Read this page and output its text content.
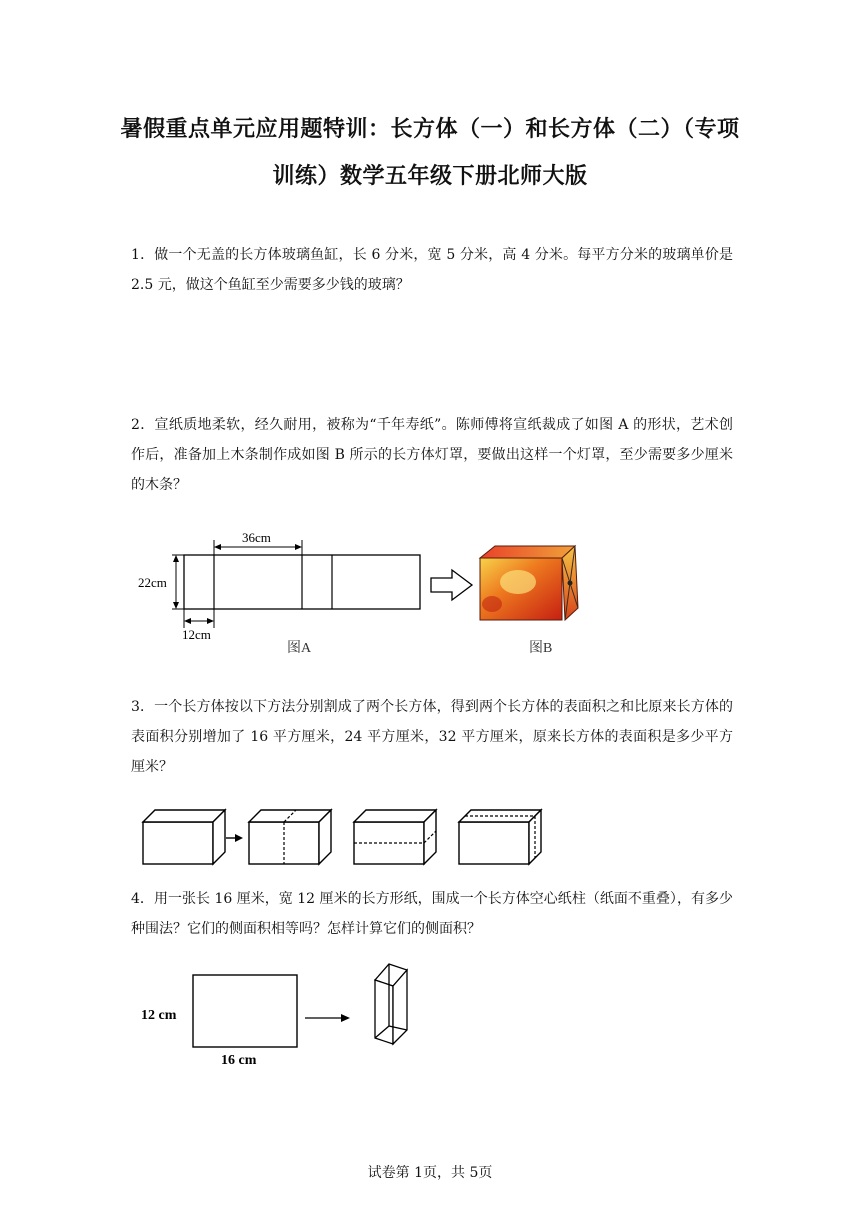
暑假重点单元应用题特训：长方体（一）和长方体（二）（专项
训练）数学五年级下册北师大版
1．做一个无盖的长方体玻璃鱼缸，长 6 分米，宽 5 分米，高 4 分米。每平方分米的玻璃单价是 2.5 元，做这个鱼缸至少需要多少钱的玻璃？
2．宣纸质地柔软，经久耐用，被称为“千年寿纸”。陈师傅将宣纸裁成了如图 A 的形状，艺术创作后，准备加上木条制作成如图 B 所示的长方体灯罩，要做出这样一个灯罩，至少需要多少厘米的木条？
36cm
22cm
12cm
图A	图B
3．一个长方体按以下方法分别割成了两个长方体，得到两个长方体的表面积之和比原来长方体的表面积分别增加了 16 平方厘米，24 平方厘米，32 平方厘米，原来长方体的表面积是多少平方厘米？
4．用一张长 16 厘米，宽 12 厘米的长方形纸，围成一个长方体空心纸柱（纸面不重叠），有多少种围法？它们的侧面积相等吗？怎样计算它们的侧面积？
12 cm
16 cm
试卷第 1页，共 5页
